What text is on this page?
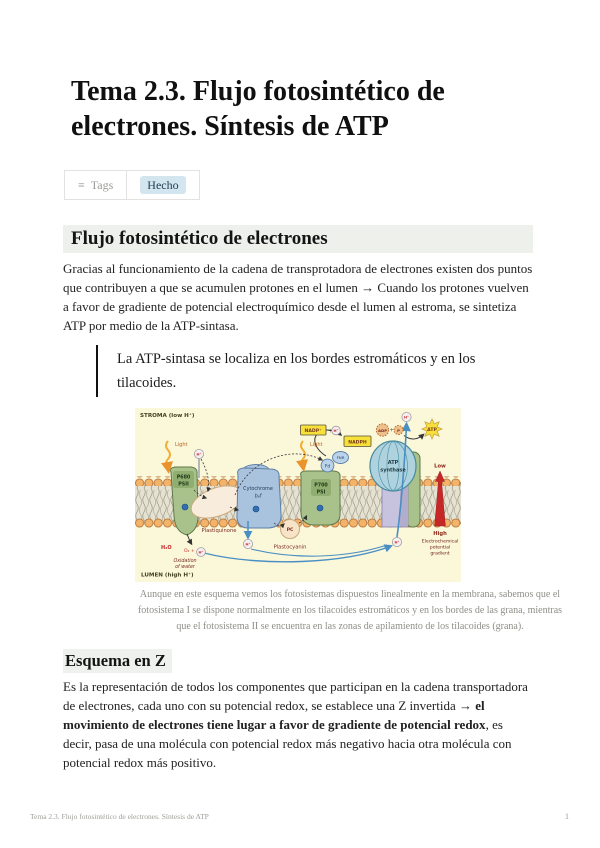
Tema 2.3. Flujo fotosintético de
electrones. Síntesis de ATP
≡ Tags	Hecho
Flujo fotosintético de electrones

Gracias al funcionamiento de la cadena de transprotadora de electrones existen dos puntos que contribuyen a que se acumulen protones en el lumen → Cuando los protones vuelven a favor de gradiente de potencial electroquímico desde el lumen al estroma, se sintetiza ATP por medio de la ATP-sintasa.

La ATP-sintasa se localiza en los bordes estromáticos y en los tilacoides.
H⁺
H⁺
H⁺
H⁺
H⁺
H⁺
NADP⁺ +
NADPH
ADP + P	ATP
P680
PSII
Cytochrome
b₆f
P700
PSI
Plastiquinone	PC
Plastocyanin
Fd
FNR
ATP
synthase
Light	Light
H₂O
O₂ +
Oxidation
of water
Low
High
Electrochemical
potential
gradient
STROMA (low H⁺)
LUMEN (high H⁺)
Aunque en este esquema vemos los fotosistemas dispuestos linealmente en la membrana, sabemos que el fotosistema I se dispone normalmente en los tilacoides estromáticos y en los bordes de las grana, mientras que el fotosistema II se encuentra en las zonas de apilamiento de los tilacoides (grana).
Esquema en Z

Es la representación de todos los componentes que participan en la cadena transportadora de electrones, cada uno con su potencial redox, se establece una Z invertida → el movimiento de electrones tiene lugar a favor de gradiente de potencial redox, es decir, pasa de una molécula con potencial redox más negativo hacia otra molécula con potencial redox más positivo.

Tema 2.3. Flujo fotosintético de electrones. Síntesis de ATP	1
